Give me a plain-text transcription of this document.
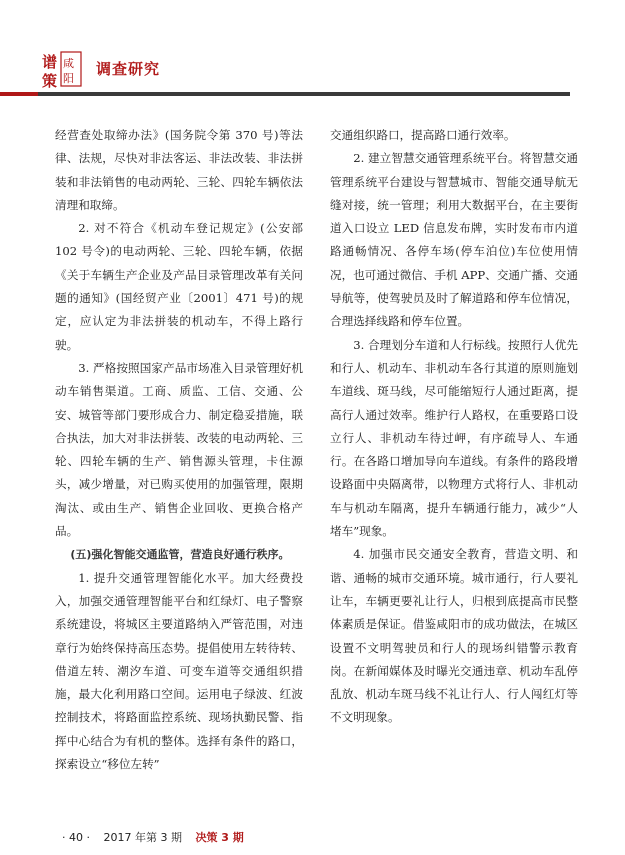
谱
策
咸
阳
调查研究

经营查处取缔办法》(国务院令第 370 号)等法律、法规，尽快对非法客运、非法改装、非法拼装和非法销售的电动两轮、三轮、四轮车辆依法清理和取缔。

2. 对不符合《机动车登记规定》(公安部 102 号令)的电动两轮、三轮、四轮车辆，依据《关于车辆生产企业及产品目录管理改革有关问题的通知》(国经贸产业〔2001〕471 号)的规定，应认定为非法拼装的机动车，不得上路行驶。

3. 严格按照国家产品市场准入目录管理好机动车销售渠道。工商、质监、工信、交通、公安、城管等部门要形成合力、制定稳妥措施，联合执法，加大对非法拼装、改装的电动两轮、三轮、四轮车辆的生产、销售源头管理，卡住源头，减少增量，对已购买使用的加强管理，限期淘汰、或由生产、销售企业回收、更换合格产品。

(五)强化智能交通监管，营造良好通行秩序。

1. 提升交通管理智能化水平。加大经费投入，加强交通管理智能平台和红绿灯、电子警察系统建设，将城区主要道路纳入严管范围，对违章行为始终保持高压态势。提倡使用左转待转、借道左转、潮汐车道、可变车道等交通组织措施，最大化利用路口空间。运用电子绿波、红波控制技术，将路面监控系统、现场执勤民警、指挥中心结合为有机的整体。选择有条件的路口，探索设立“移位左转”

交通组织路口，提高路口通行效率。

2. 建立智慧交通管理系统平台。将智慧交通管理系统平台建设与智慧城市、智能交通导航无缝对接，统一管理；利用大数据平台，在主要街道入口设立 LED 信息发布牌，实时发布市内道路通畅情况、各停车场(停车泊位)车位使用情况，也可通过微信、手机 APP、交通广播、交通导航等，使驾驶员及时了解道路和停车位情况，合理选择线路和停车位置。

3. 合理划分车道和人行标线。按照行人优先和行人、机动车、非机动车各行其道的原则施划车道线、斑马线，尽可能缩短行人通过距离，提高行人通过效率。维护行人路权，在重要路口设立行人、非机动车待过岬，有序疏导人、车通行。在各路口增加导向车道线。有条件的路段增设路面中央隔离带，以物理方式将行人、非机动车与机动车隔离，提升车辆通行能力，减少“人堵车”现象。

4. 加强市民交通安全教育，营造文明、和谐、通畅的城市交通环境。城市通行，行人要礼让车，车辆更要礼让行人，归根到底提高市民整体素质是保证。借鉴咸阳市的成功做法，在城区设置不文明驾驶员和行人的现场纠错警示教育岗。在新闻媒体及时曝光交通违章、机动车乱停乱放、机动车斑马线不礼让行人、行人闯红灯等不文明现象。

· 40 · 2017 年第 3 期 决策 3 期
